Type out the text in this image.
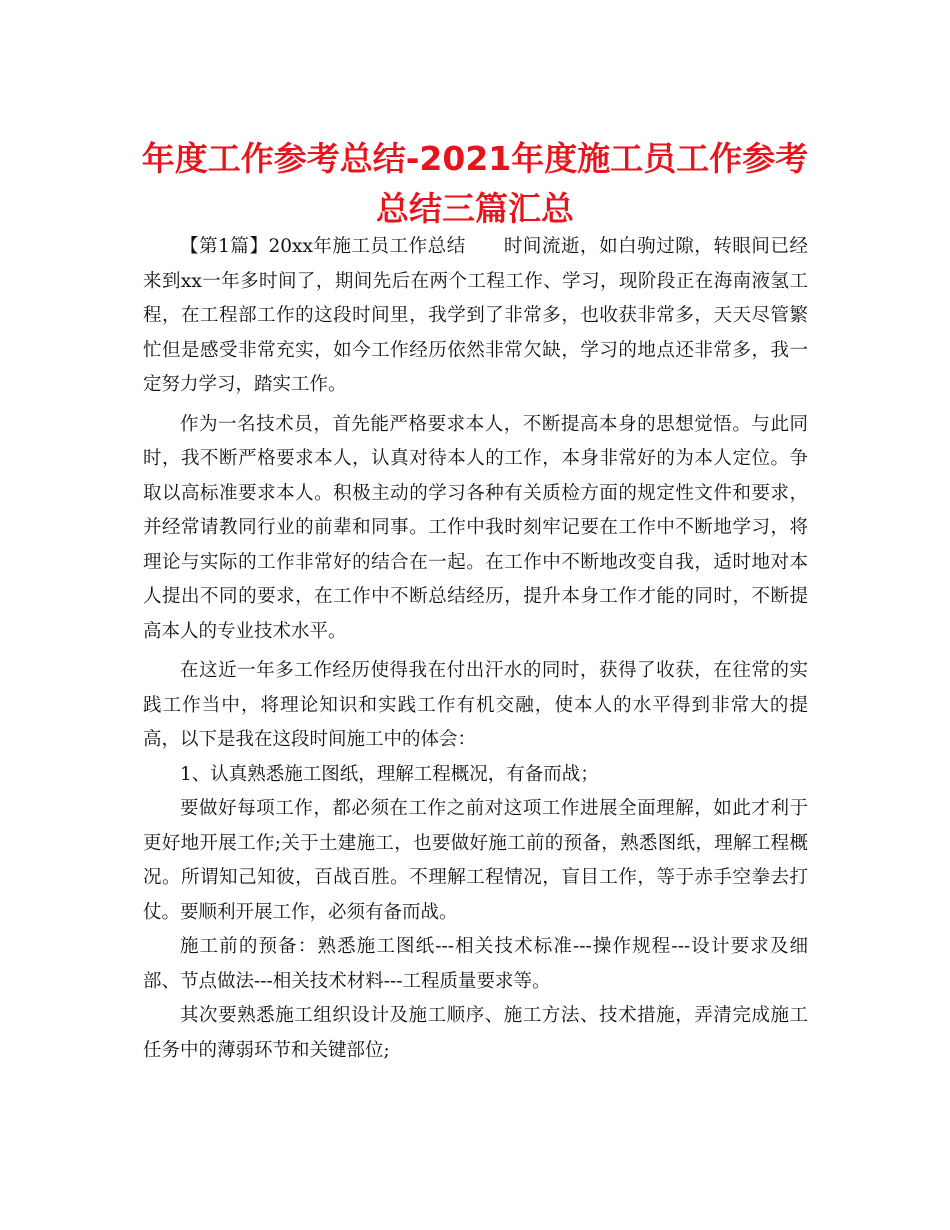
年度工作参考总结-2021年度施工员工作参考总结三篇汇总

【第1篇】20xx年施工员工作总结　　时间流逝，如白驹过隙，转眼间已经来到xx一年多时间了，期间先后在两个工程工作、学习，现阶段正在海南液氢工程，在工程部工作的这段时间里，我学到了非常多，也收获非常多，天天尽管繁忙但是感受非常充实，如今工作经历依然非常欠缺，学习的地点还非常多，我一定努力学习，踏实工作。

作为一名技术员，首先能严格要求本人，不断提高本身的思想觉悟。与此同时，我不断严格要求本人，认真对待本人的工作，本身非常好的为本人定位。争取以高标准要求本人。积极主动的学习各种有关质检方面的规定性文件和要求，并经常请教同行业的前辈和同事。工作中我时刻牢记要在工作中不断地学习，将理论与实际的工作非常好的结合在一起。在工作中不断地改变自我，适时地对本人提出不同的要求，在工作中不断总结经历，提升本身工作才能的同时，不断提高本人的专业技术水平。

在这近一年多工作经历使得我在付出汗水的同时，获得了收获，在往常的实践工作当中，将理论知识和实践工作有机交融，使本人的水平得到非常大的提高，以下是我在这段时间施工中的体会：

1、认真熟悉施工图纸，理解工程概况，有备而战；

要做好每项工作，都必须在工作之前对这项工作进展全面理解，如此才利于更好地开展工作;关于土建施工，也要做好施工前的预备，熟悉图纸，理解工程概况。所谓知己知彼，百战百胜。不理解工程情况，盲目工作，等于赤手空拳去打仗。要顺利开展工作，必须有备而战。

施工前的预备：熟悉施工图纸---相关技术标准---操作规程---设计要求及细部、节点做法---相关技术材料---工程质量要求等。

其次要熟悉施工组织设计及施工顺序、施工方法、技术措施，弄清完成施工任务中的薄弱环节和关键部位;
